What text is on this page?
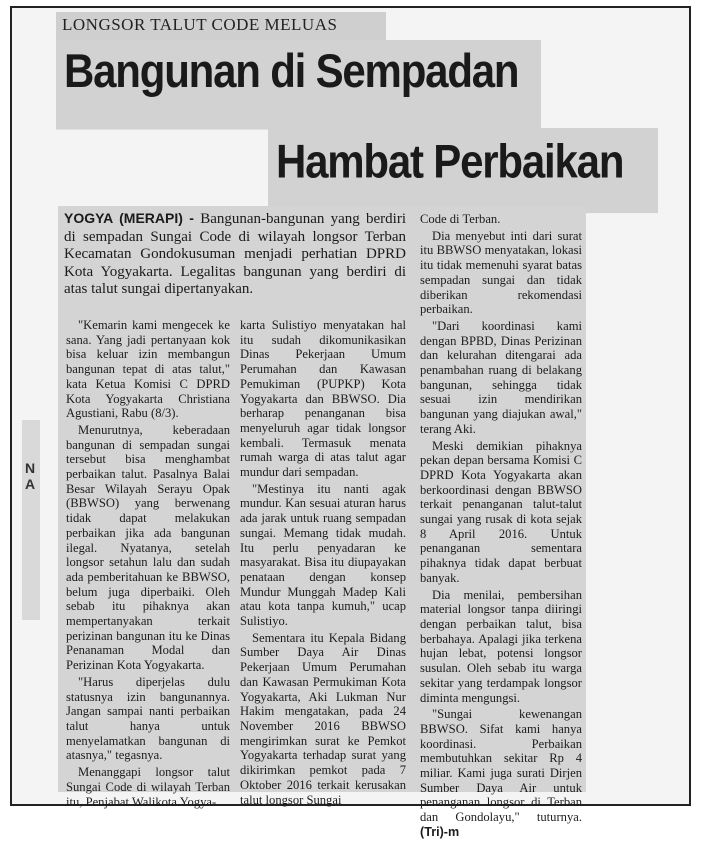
LONGSOR TALUT CODE MELUAS
Bangunan di Sempadan
Hambat Perbaikan
N A
YOGYA (MERAPI) - Bangunan-bangunan yang berdiri di sempadan Sungai Code di wilayah longsor Terban Kecamatan Gondokusuman menjadi perhatian DPRD Kota Yogyakarta. Legalitas bangunan yang berdiri di atas talut sungai dipertanyakan.

"Kemarin kami mengecek ke sana. Yang jadi pertanyaan kok bisa keluar izin membangun bangunan tepat di atas talut," kata Ketua Komisi C DPRD Kota Yogyakarta Christiana Agustiani, Rabu (8/3).

Menurutnya, keberadaan bangunan di sempadan sungai tersebut bisa menghambat perbaikan talut. Pasalnya Balai Besar Wilayah Serayu Opak (BBWSO) yang berwenang tidak dapat melakukan perbaikan jika ada bangunan ilegal. Nyatanya, setelah longsor setahun lalu dan sudah ada pemberitahuan ke BBWSO, belum juga diperbaiki. Oleh sebab itu pihaknya akan mempertanyakan terkait perizinan bangunan itu ke Dinas Penanaman Modal dan Perizinan Kota Yogyakarta.

"Harus diperjelas dulu statusnya izin bangunannya. Jangan sampai nanti perbaikan talut hanya untuk menyelamatkan bangunan di atasnya," tegasnya.

Menanggapi longsor talut Sungai Code di wilayah Terban itu, Penjabat Walikota Yogya-

karta Sulistiyo menyatakan hal itu sudah dikomunikasikan Dinas Pekerjaan Umum Perumahan dan Kawasan Pemukiman (PUPKP) Kota Yogyakarta dan BBWSO. Dia berharap penanganan bisa menyeluruh agar tidak longsor kembali. Termasuk menata rumah warga di atas talut agar mundur dari sempadan.

"Mestinya itu nanti agak mundur. Kan sesuai aturan harus ada jarak untuk ruang sempadan sungai. Memang tidak mudah. Itu perlu penyadaran ke masyarakat. Bisa itu diupayakan penataan dengan konsep Mundur Munggah Madep Kali atau kota tanpa kumuh," ucap Sulistiyo.

Sementara itu Kepala Bidang Sumber Daya Air Dinas Pekerjaan Umum Perumahan dan Kawasan Permukiman Kota Yogyakarta, Aki Lukman Nur Hakim mengatakan, pada 24 November 2016 BBWSO mengirimkan surat ke Pemkot Yogyakarta terhadap surat yang dikirimkan pemkot pada 7 Oktober 2016 terkait kerusakan talut longsor Sungai

Code di Terban.

Dia menyebut inti dari surat itu BBWSO menyatakan, lokasi itu tidak memenuhi syarat batas sempadan sungai dan tidak diberikan rekomendasi perbaikan.

"Dari koordinasi kami dengan BPBD, Dinas Perizinan dan kelurahan ditengarai ada penambahan ruang di belakang bangunan, sehingga tidak sesuai izin mendirikan bangunan yang diajukan awal," terang Aki.

Meski demikian pihaknya pekan depan bersama Komisi C DPRD Kota Yogyakarta akan berkoordinasi dengan BBWSO terkait penanganan talut-talut sungai yang rusak di kota sejak 8 April 2016. Untuk penanganan sementara pihaknya tidak dapat berbuat banyak.

Dia menilai, pembersihan material longsor tanpa diiringi dengan perbaikan talut, bisa berbahaya. Apalagi jika terkena hujan lebat, potensi longsor susulan. Oleh sebab itu warga sekitar yang terdampak longsor diminta mengungsi.

"Sungai kewenangan BBWSO. Sifat kami hanya koordinasi. Perbaikan membutuhkan sekitar Rp 4 miliar. Kami juga surati Dirjen Sumber Daya Air untuk penanganan longsor di Terban dan Gondolayu," tuturnya. (Tri)-m
